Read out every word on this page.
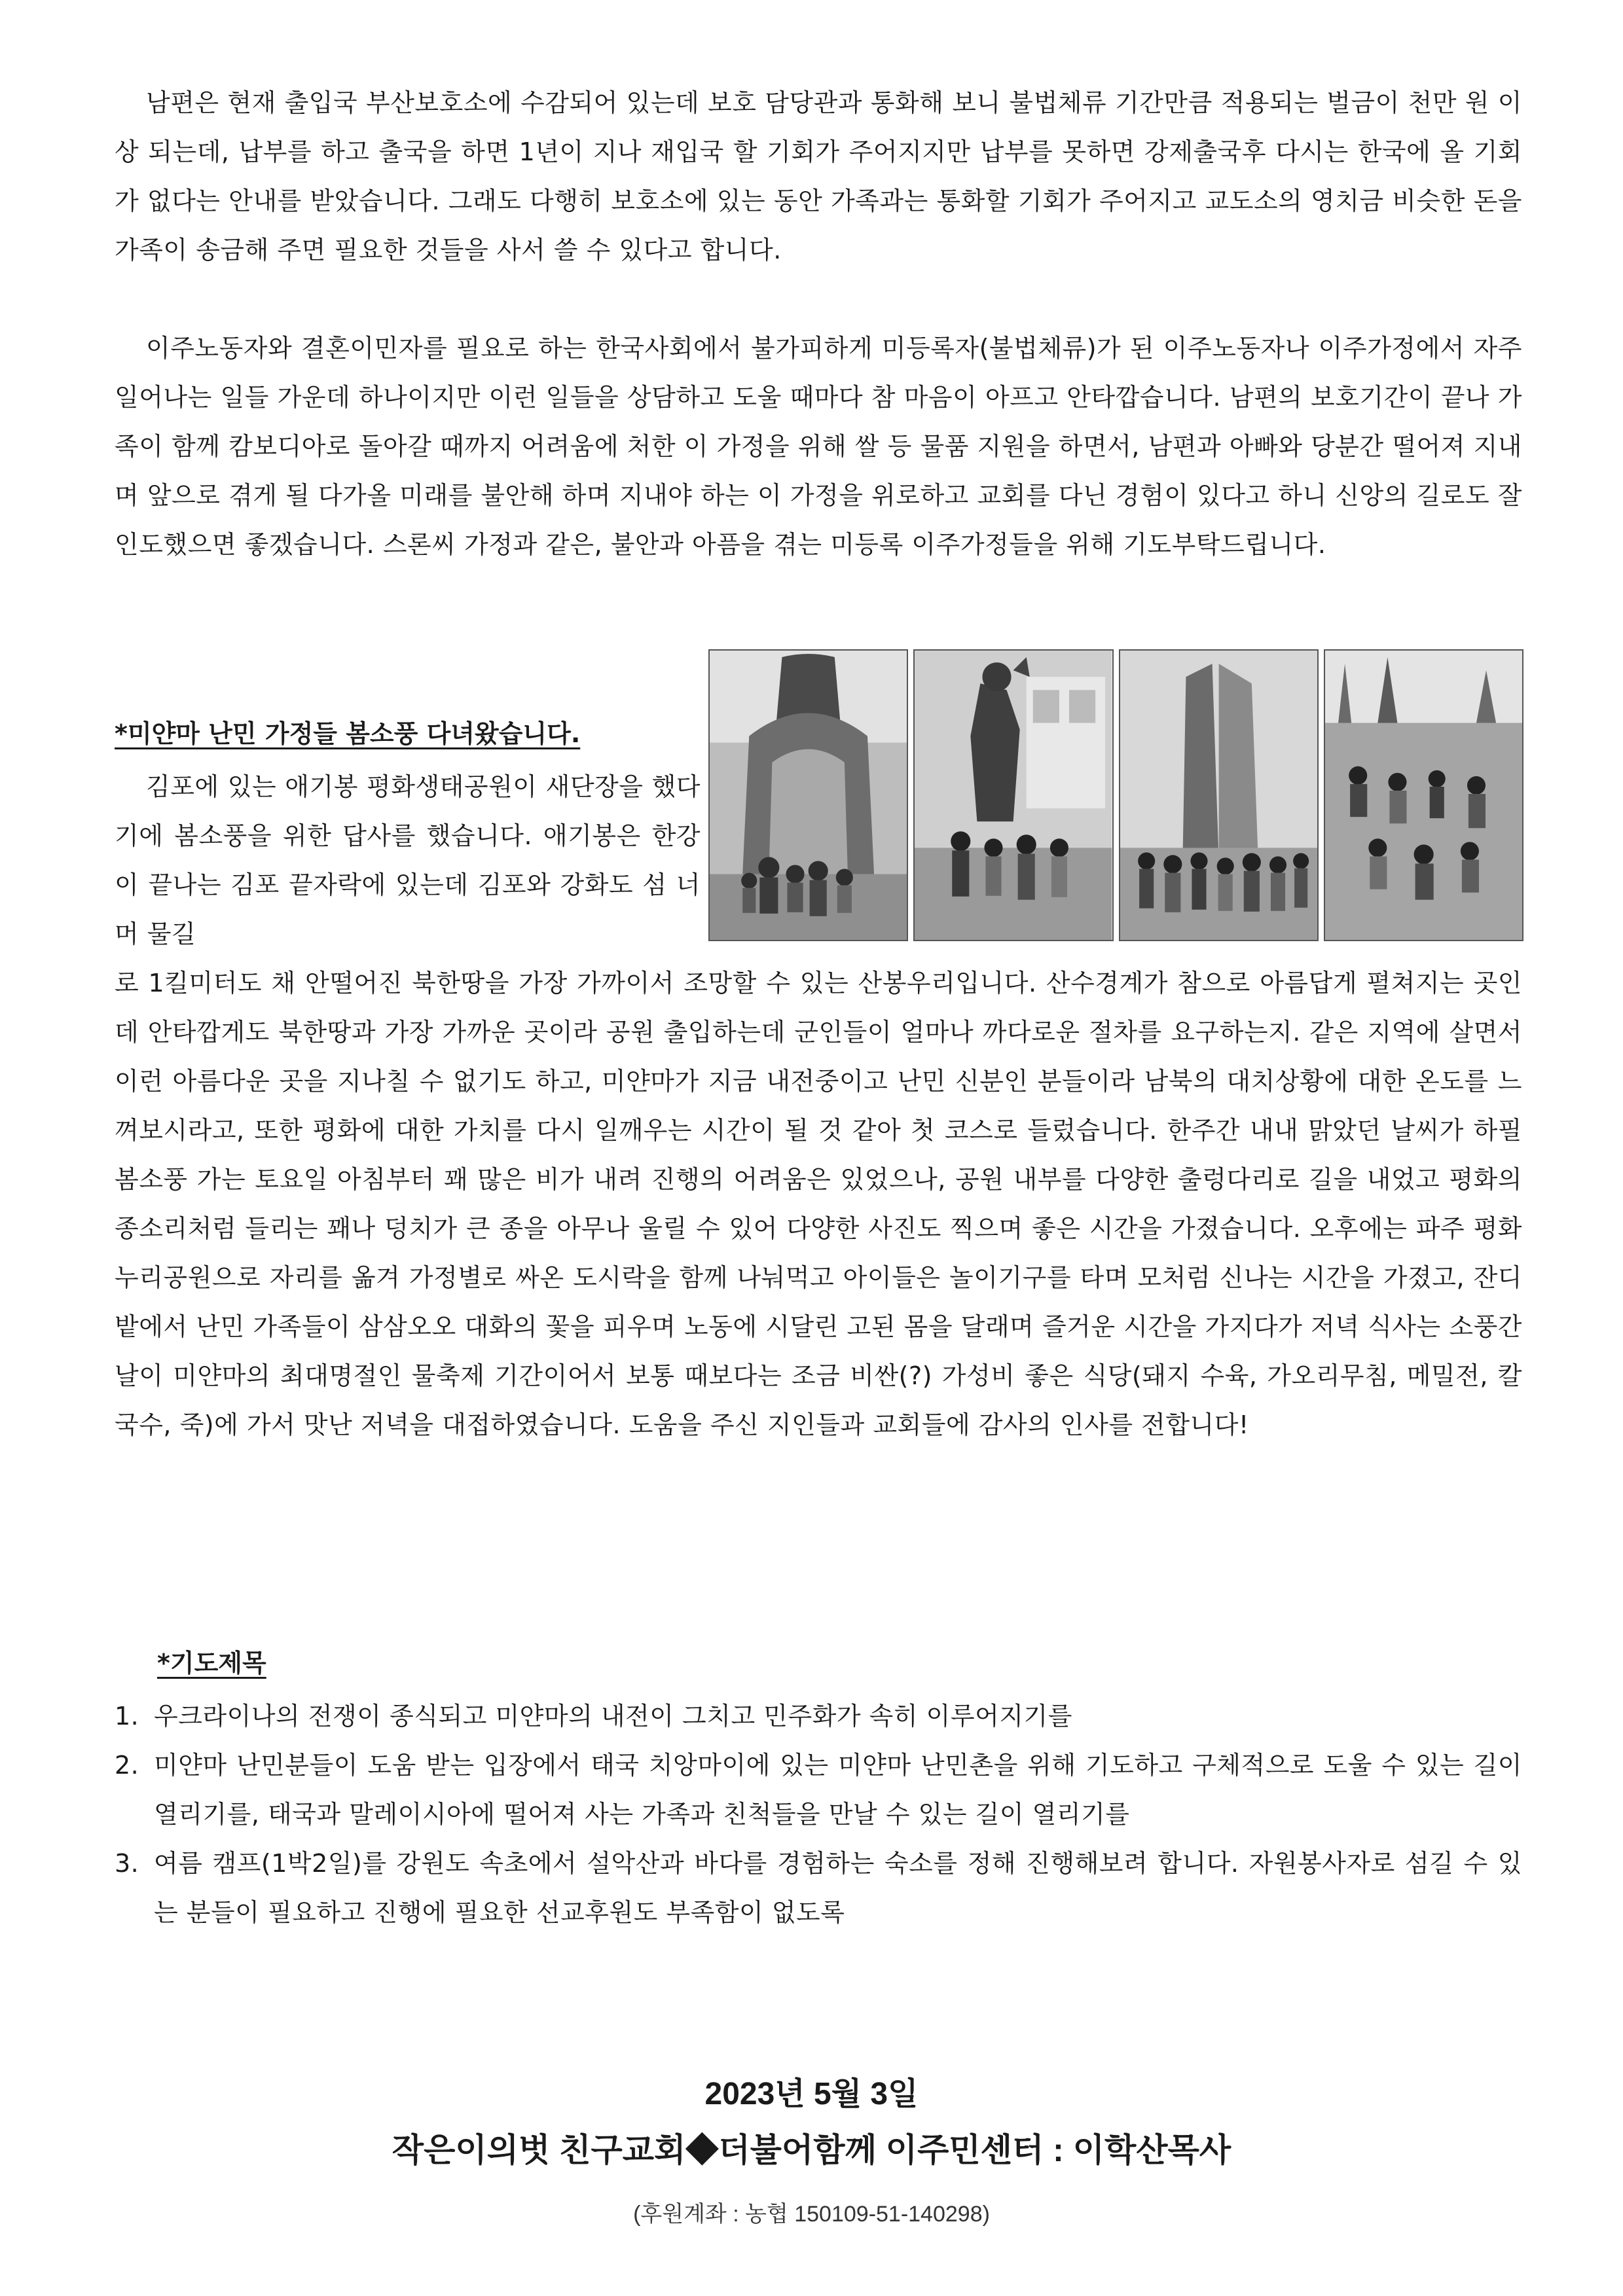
남편은 현재 출입국 부산보호소에 수감되어 있는데 보호 담당관과 통화해 보니 불법체류 기간만큼 적용되는 벌금이 천만 원 이상 되는데, 납부를 하고 출국을 하면 1년이 지나 재입국 할 기회가 주어지지만 납부를 못하면 강제출국후 다시는 한국에 올 기회가 없다는 안내를 받았습니다. 그래도 다행히 보호소에 있는 동안 가족과는 통화할 기회가 주어지고 교도소의 영치금 비슷한 돈을 가족이 송금해 주면 필요한 것들을 사서 쓸 수 있다고 합니다.

이주노동자와 결혼이민자를 필요로 하는 한국사회에서 불가피하게 미등록자(불법체류)가 된 이주노동자나 이주가정에서 자주 일어나는 일들 가운데 하나이지만 이런 일들을 상담하고 도울 때마다 참 마음이 아프고 안타깝습니다. 남편의 보호기간이 끝나 가족이 함께 캄보디아로 돌아갈 때까지 어려움에 처한 이 가정을 위해 쌀 등 물품 지원을 하면서, 남편과 아빠와 당분간 떨어져 지내며 앞으로 겪게 될 다가올 미래를 불안해 하며 지내야 하는 이 가정을 위로하고 교회를 다닌 경험이 있다고 하니 신앙의 길로도 잘 인도했으면 좋겠습니다. 스론씨 가정과 같은, 불안과 아픔을 겪는 미등록 이주가정들을 위해 기도부탁드립니다.

*미얀마 난민 가정들 봄소풍 다녀왔습니다.

김포에 있는 애기봉 평화생태공원이 새단장을 했다기에 봄소풍을 위한 답사를 했습니다. 애기봉은 한강이 끝나는 김포 끝자락에 있는데 김포와 강화도 섬 너머 물길

로 1킬미터도 채 안떨어진 북한땅을 가장 가까이서 조망할 수 있는 산봉우리입니다. 산수경계가 참으로 아름답게 펼쳐지는 곳인데 안타깝게도 북한땅과 가장 가까운 곳이라 공원 출입하는데 군인들이 얼마나 까다로운 절차를 요구하는지. 같은 지역에 살면서 이런 아름다운 곳을 지나칠 수 없기도 하고, 미얀마가 지금 내전중이고 난민 신분인 분들이라 남북의 대치상황에 대한 온도를 느껴보시라고, 또한 평화에 대한 가치를 다시 일깨우는 시간이 될 것 같아 첫 코스로 들렀습니다. 한주간 내내 맑았던 날씨가 하필 봄소풍 가는 토요일 아침부터 꽤 많은 비가 내려 진행의 어려움은 있었으나, 공원 내부를 다양한 출렁다리로 길을 내었고 평화의 종소리처럼 들리는 꽤나 덩치가 큰 종을 아무나 울릴 수 있어 다양한 사진도 찍으며 좋은 시간을 가졌습니다. 오후에는 파주 평화누리공원으로 자리를 옮겨 가정별로 싸온 도시락을 함께 나눠먹고 아이들은 놀이기구를 타며 모처럼 신나는 시간을 가졌고, 잔디밭에서 난민 가족들이 삼삼오오 대화의 꽃을 피우며 노동에 시달린 고된 몸을 달래며 즐거운 시간을 가지다가 저녁 식사는 소풍간 날이 미얀마의 최대명절인 물축제 기간이어서 보통 때보다는 조금 비싼(?) 가성비 좋은 식당(돼지 수육, 가오리무침, 메밀전, 칼국수, 죽)에 가서 맛난 저녁을 대접하였습니다. 도움을 주신 지인들과 교회들에 감사의 인사를 전합니다!

*기도제목
1. 우크라이나의 전쟁이 종식되고 미얀마의 내전이 그치고 민주화가 속히 이루어지기를
2. 미얀마 난민분들이 도움 받는 입장에서 태국 치앙마이에 있는 미얀마 난민촌을 위해 기도하고 구체적으로 도울 수 있는 길이 열리기를, 태국과 말레이시아에 떨어져 사는 가족과 친척들을 만날 수 있는 길이 열리기를
3. 여름 캠프(1박2일)를 강원도 속초에서 설악산과 바다를 경험하는 숙소를 정해 진행해보려 합니다. 자원봉사자로 섬길 수 있는 분들이 필요하고 진행에 필요한 선교후원도 부족함이 없도록
2023년 5월 3일
작은이의벗 친구교회◆더불어함께 이주민센터 : 이학산목사
(후원계좌 : 농협 150109-51-140298)
